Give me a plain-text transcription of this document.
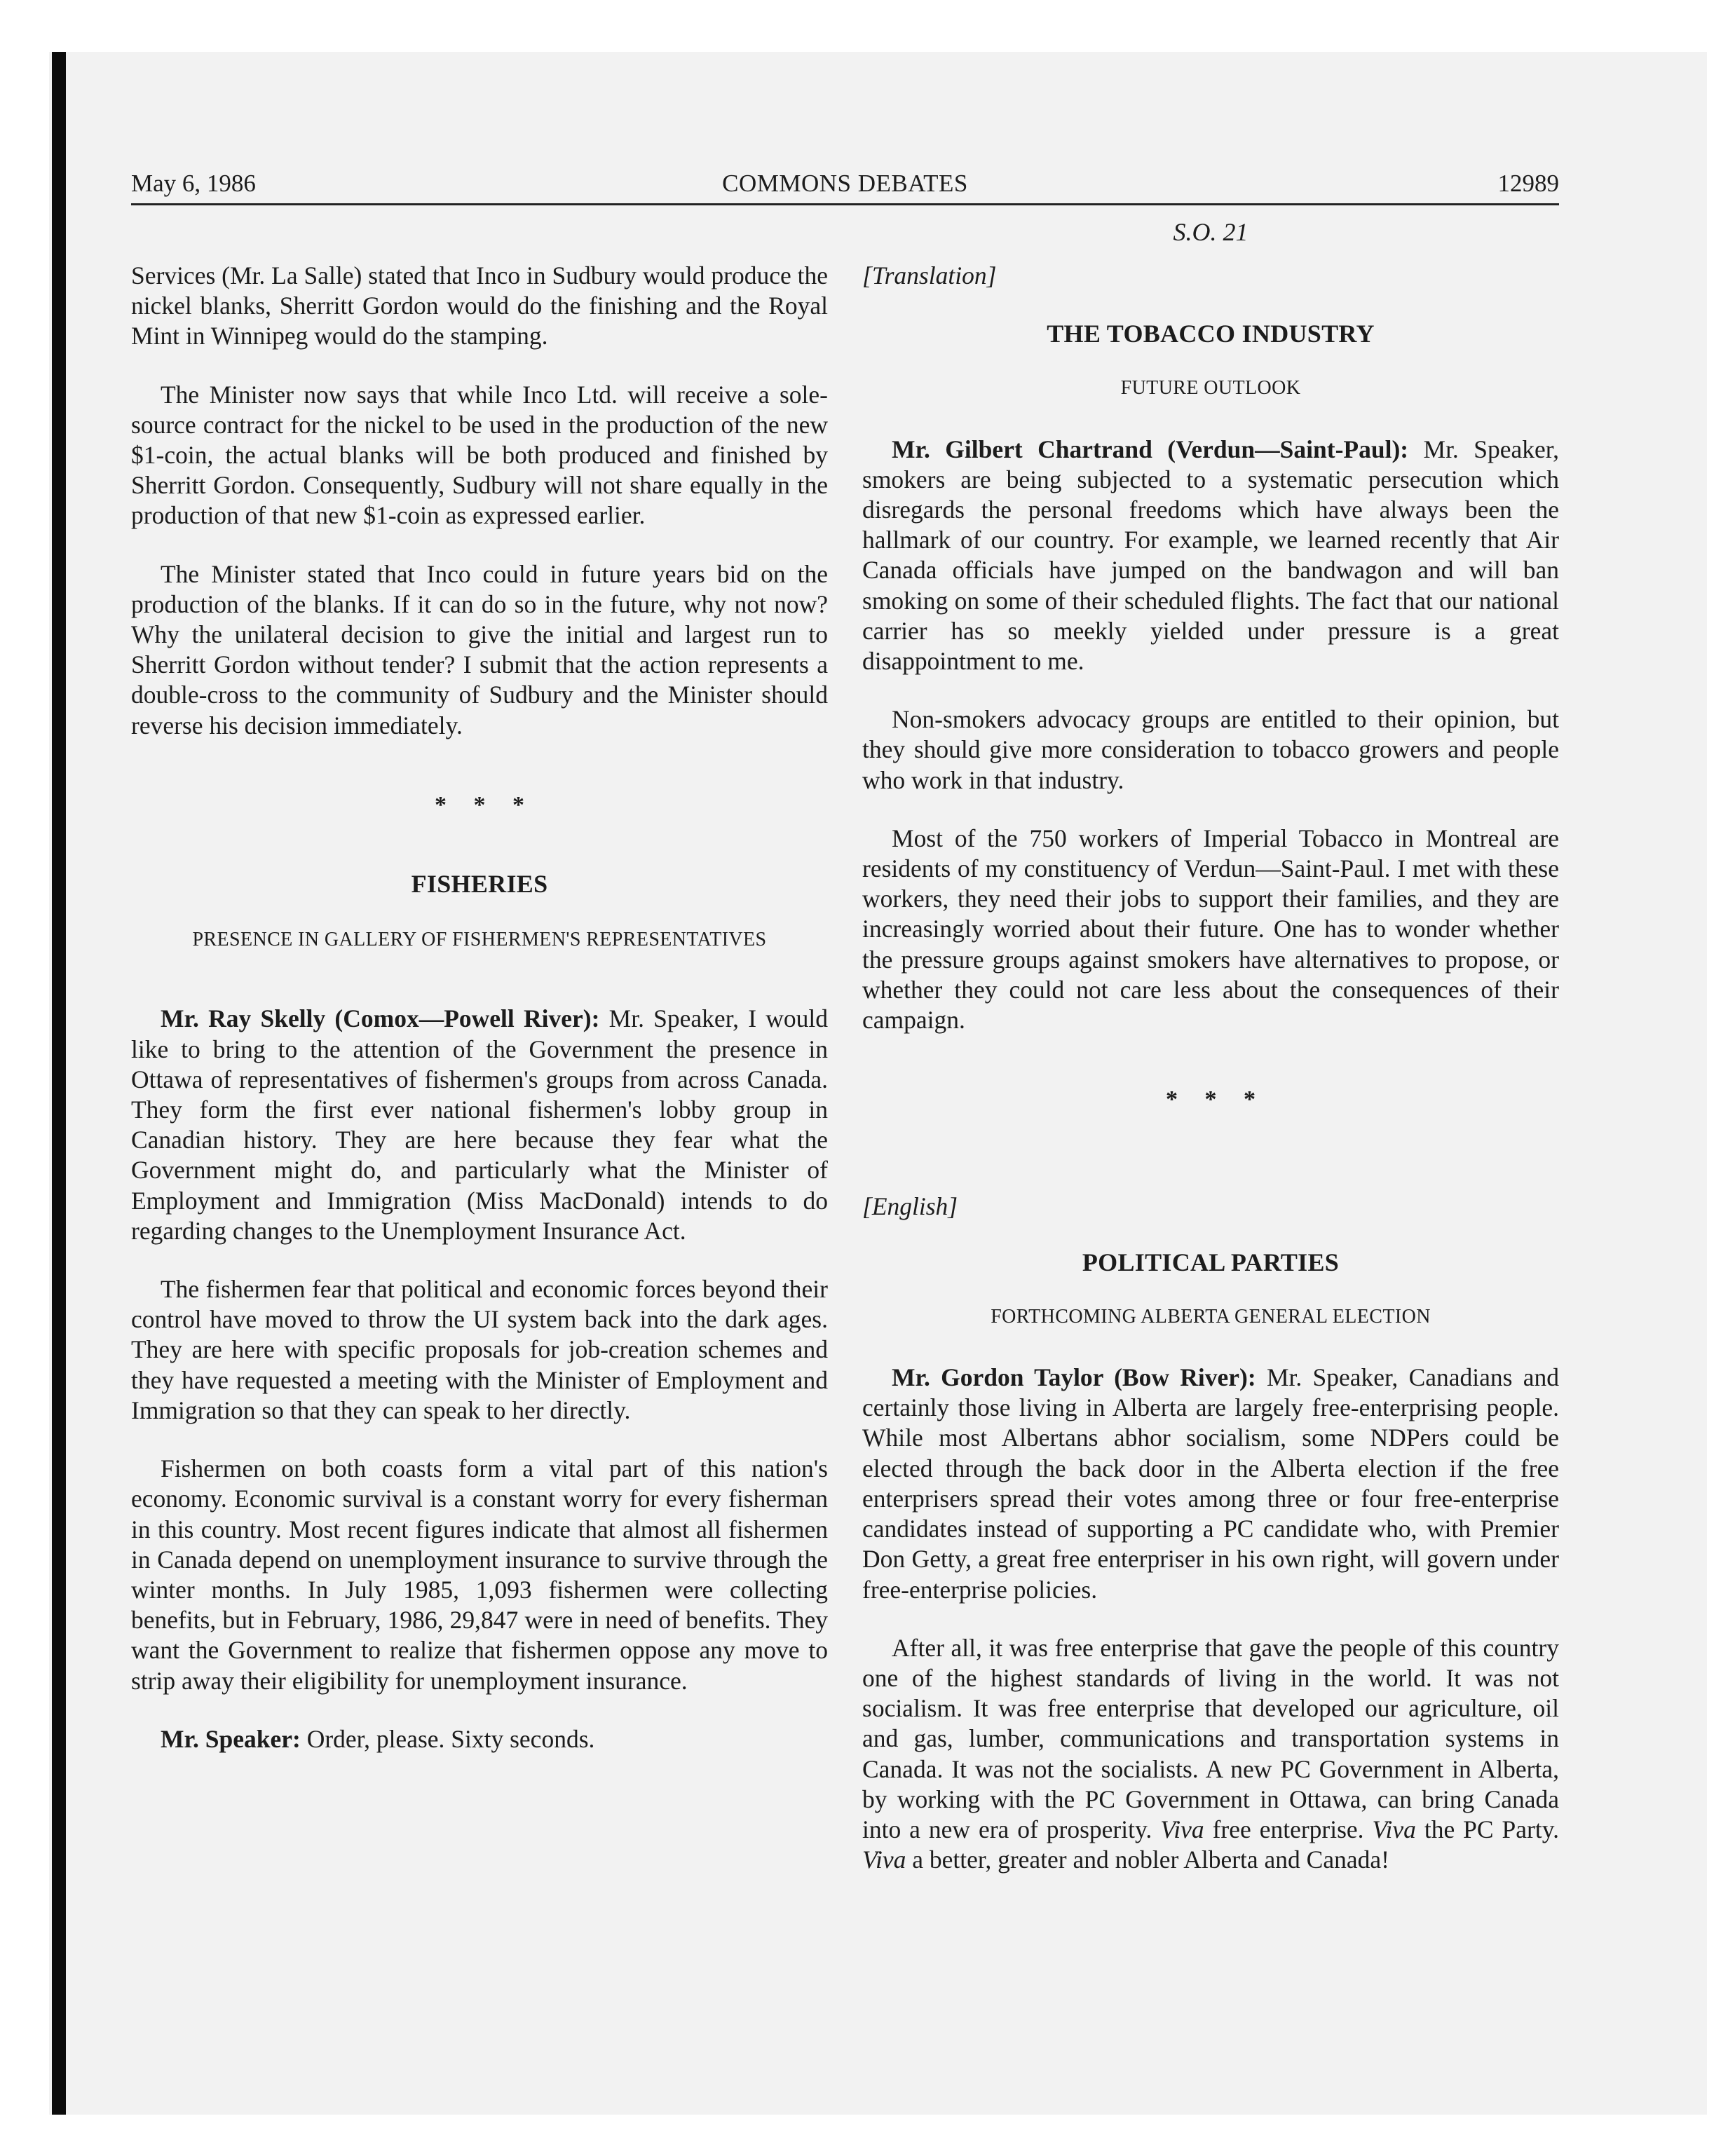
May 6, 1986	COMMONS DEBATES	12989
S.O. 21

Services (Mr. La Salle) stated that Inco in Sudbury would produce the nickel blanks, Sherritt Gordon would do the finishing and the Royal Mint in Winnipeg would do the stamping.

The Minister now says that while Inco Ltd. will receive a sole-source contract for the nickel to be used in the production of the new $1-coin, the actual blanks will be both produced and finished by Sherritt Gordon. Consequently, Sudbury will not share equally in the production of that new $1-coin as expressed earlier.

The Minister stated that Inco could in future years bid on the production of the blanks. If it can do so in the future, why not now? Why the unilateral decision to give the initial and largest run to Sherritt Gordon without tender? I submit that the action represents a double-cross to the community of Sudbury and the Minister should reverse his decision immediately.

* * *
FISHERIES
PRESENCE IN GALLERY OF FISHERMEN'S REPRESENTATIVES

Mr. Ray Skelly (Comox—Powell River): Mr. Speaker, I would like to bring to the attention of the Government the presence in Ottawa of representatives of fishermen's groups from across Canada. They form the first ever national fishermen's lobby group in Canadian history. They are here because they fear what the Government might do, and particularly what the Minister of Employment and Immigration (Miss MacDonald) intends to do regarding changes to the Unemployment Insurance Act.

The fishermen fear that political and economic forces beyond their control have moved to throw the UI system back into the dark ages. They are here with specific proposals for job-creation schemes and they have requested a meeting with the Minister of Employment and Immigration so that they can speak to her directly.

Fishermen on both coasts form a vital part of this nation's economy. Economic survival is a constant worry for every fisherman in this country. Most recent figures indicate that almost all fishermen in Canada depend on unemployment insurance to survive through the winter months. In July 1985, 1,093 fishermen were collecting benefits, but in February, 1986, 29,847 were in need of benefits. They want the Government to realize that fishermen oppose any move to strip away their eligibility for unemployment insurance.

Mr. Speaker: Order, please. Sixty seconds.

[Translation]
THE TOBACCO INDUSTRY
FUTURE OUTLOOK

Mr. Gilbert Chartrand (Verdun—Saint-Paul): Mr. Speaker, smokers are being subjected to a systematic persecution which disregards the personal freedoms which have always been the hallmark of our country. For example, we learned recently that Air Canada officials have jumped on the bandwagon and will ban smoking on some of their scheduled flights. The fact that our national carrier has so meekly yielded under pressure is a great disappointment to me.

Non-smokers advocacy groups are entitled to their opinion, but they should give more consideration to tobacco growers and people who work in that industry.

Most of the 750 workers of Imperial Tobacco in Montreal are residents of my constituency of Verdun—Saint-Paul. I met with these workers, they need their jobs to support their families, and they are increasingly worried about their future. One has to wonder whether the pressure groups against smokers have alternatives to propose, or whether they could not care less about the consequences of their campaign.

* * *
[English]
POLITICAL PARTIES
FORTHCOMING ALBERTA GENERAL ELECTION

Mr. Gordon Taylor (Bow River): Mr. Speaker, Canadians and certainly those living in Alberta are largely free-enterprising people. While most Albertans abhor socialism, some NDPers could be elected through the back door in the Alberta election if the free enterprisers spread their votes among three or four free-enterprise candidates instead of supporting a PC candidate who, with Premier Don Getty, a great free enterpriser in his own right, will govern under free-enterprise policies.

After all, it was free enterprise that gave the people of this country one of the highest standards of living in the world. It was not socialism. It was free enterprise that developed our agriculture, oil and gas, lumber, communications and transportation systems in Canada. It was not the socialists. A new PC Government in Alberta, by working with the PC Government in Ottawa, can bring Canada into a new era of prosperity. Viva free enterprise. Viva the PC Party. Viva a better, greater and nobler Alberta and Canada!
